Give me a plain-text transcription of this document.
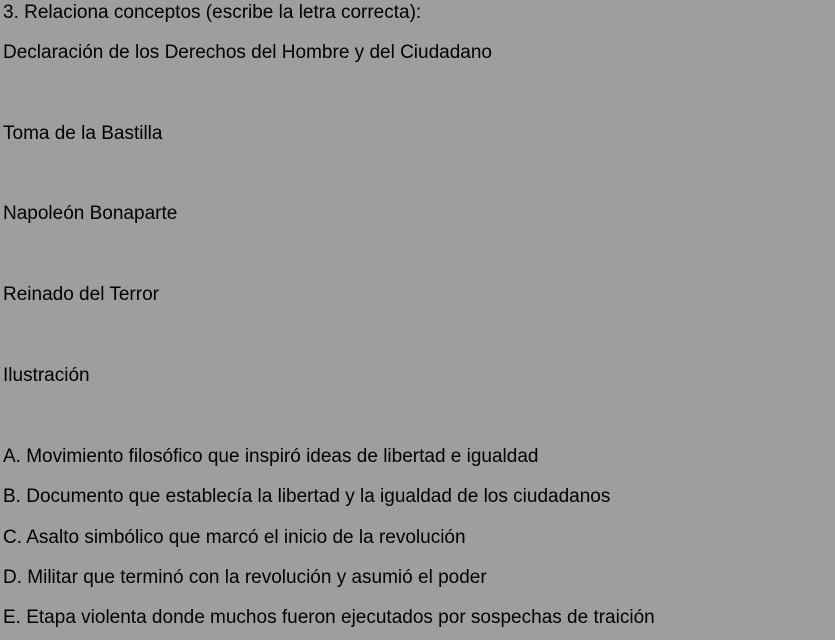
3. Relaciona conceptos (escribe la letra correcta):
Declaración de los Derechos del Hombre y del Ciudadano
Toma de la Bastilla
Napoleón Bonaparte
Reinado del Terror
Ilustración
A. Movimiento filosófico que inspiró ideas de libertad e igualdad
B. Documento que establecía la libertad y la igualdad de los ciudadanos
C. Asalto simbólico que marcó el inicio de la revolución
D. Militar que terminó con la revolución y asumió el poder
E. Etapa violenta donde muchos fueron ejecutados por sospechas de traición
